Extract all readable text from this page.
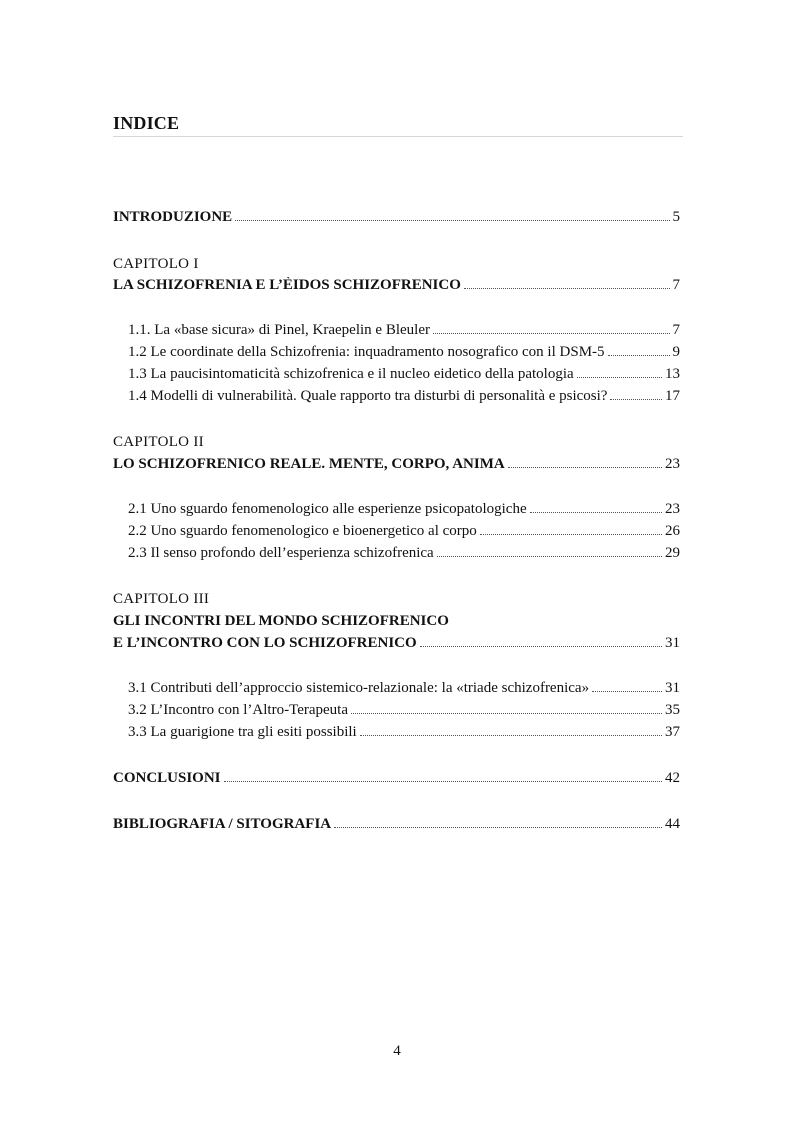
INDICE
INTRODUZIONE	5
CAPITOLO I
LA SCHIZOFRENIA E L’ÈIDOS SCHIZOFRENICO	7
1.1. La «base sicura» di Pinel, Kraepelin e Bleuler	7
1.2 Le coordinate della Schizofrenia: inquadramento nosografico con il DSM-5	9
1.3 La paucisintomaticità schizofrenica e il nucleo eidetico della patologia	13
1.4 Modelli di vulnerabilità. Quale rapporto tra disturbi di personalità e psicosi?	17
CAPITOLO II
LO SCHIZOFRENICO REALE. MENTE, CORPO, ANIMA	23
2.1 Uno sguardo fenomenologico alle esperienze psicopatologiche	23
2.2 Uno sguardo fenomenologico e bioenergetico al corpo	26
2.3 Il senso profondo dell’esperienza schizofrenica	29
CAPITOLO III
GLI INCONTRI DEL MONDO SCHIZOFRENICO
E L’INCONTRO CON LO SCHIZOFRENICO	31
3.1 Contributi dell’approccio sistemico-relazionale: la «triade schizofrenica»	31
3.2 L’Incontro con l’Altro-Terapeuta	35
3.3 La guarigione tra gli esiti possibili	37
CONCLUSIONI	42
BIBLIOGRAFIA / SITOGRAFIA	44
4
